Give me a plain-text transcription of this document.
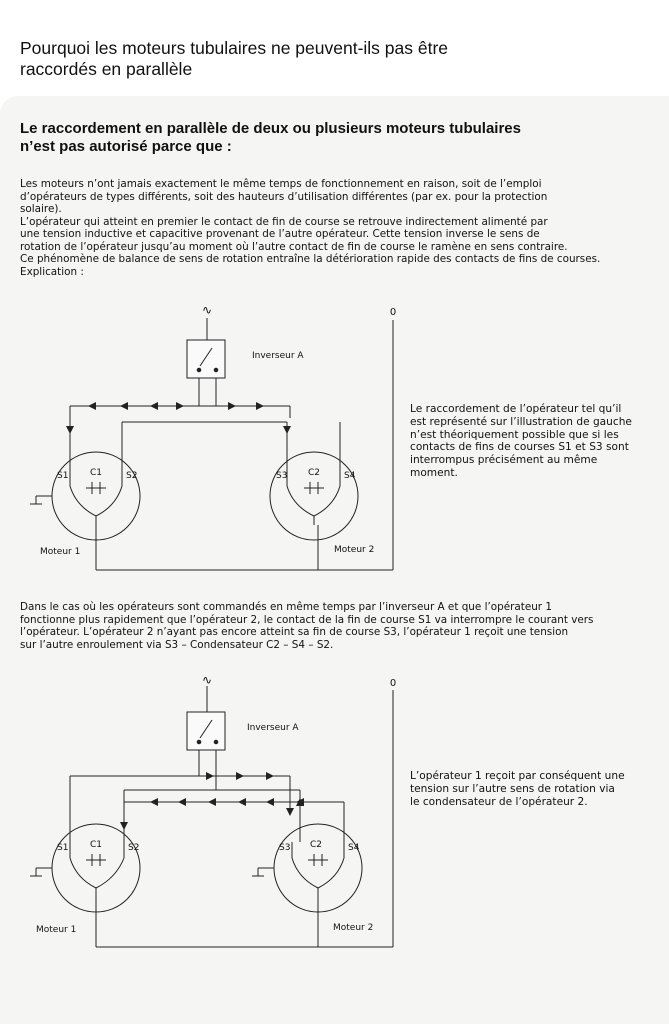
Pourquoi les moteurs tubulaires ne peuvent-ils pas être
raccordés en parallèle
Le raccordement en parallèle de deux ou plusieurs moteurs tubulaires
n’est pas autorisé parce que :
Les moteurs n’ont jamais exactement le même temps de fonctionnement en raison, soit de l’emploi
d’opérateurs de types différents, soit des hauteurs d’utilisation différentes (par ex. pour la protection
solaire).
L’opérateur qui atteint en premier le contact de fin de course se retrouve indirectement alimenté par
une tension inductive et capacitive provenant de l’autre opérateur. Cette tension inverse le sens de
rotation de l’opérateur jusqu’au moment où l’autre contact de fin de course le ramène en sens contraire.
Ce phénomène de balance de sens de rotation entraîne la détérioration rapide des contacts de fins de courses.
Explication :
∿	0
Inverseur A
C1	C2
S1	S2	S3	S4
Moteur 1	Moteur 2
Le raccordement de l’opérateur tel qu’il
est représenté sur l’illustration de gauche
n’est théoriquement possible que si les
contacts de fins de courses S1 et S3 sont
interrompus précisément au même
moment.
Dans le cas où les opérateurs sont commandés en même temps par l’inverseur A et que l’opérateur 1
fonctionne plus rapidement que l’opérateur 2, le contact de la fin de course S1 va interrompre le courant vers
l’opérateur. L’opérateur 2 n’ayant pas encore atteint sa fin de course S3, l’opérateur 1 reçoit une tension
sur l’autre enroulement via S3 – Condensateur C2 – S4 – S2.
∿	0
Inverseur A
C1	C2
S1	S2	S3	S4
Moteur 1	Moteur 2
L’opérateur 1 reçoit par conséquent une
tension sur l’autre sens de rotation via
le condensateur de l’opérateur 2.
